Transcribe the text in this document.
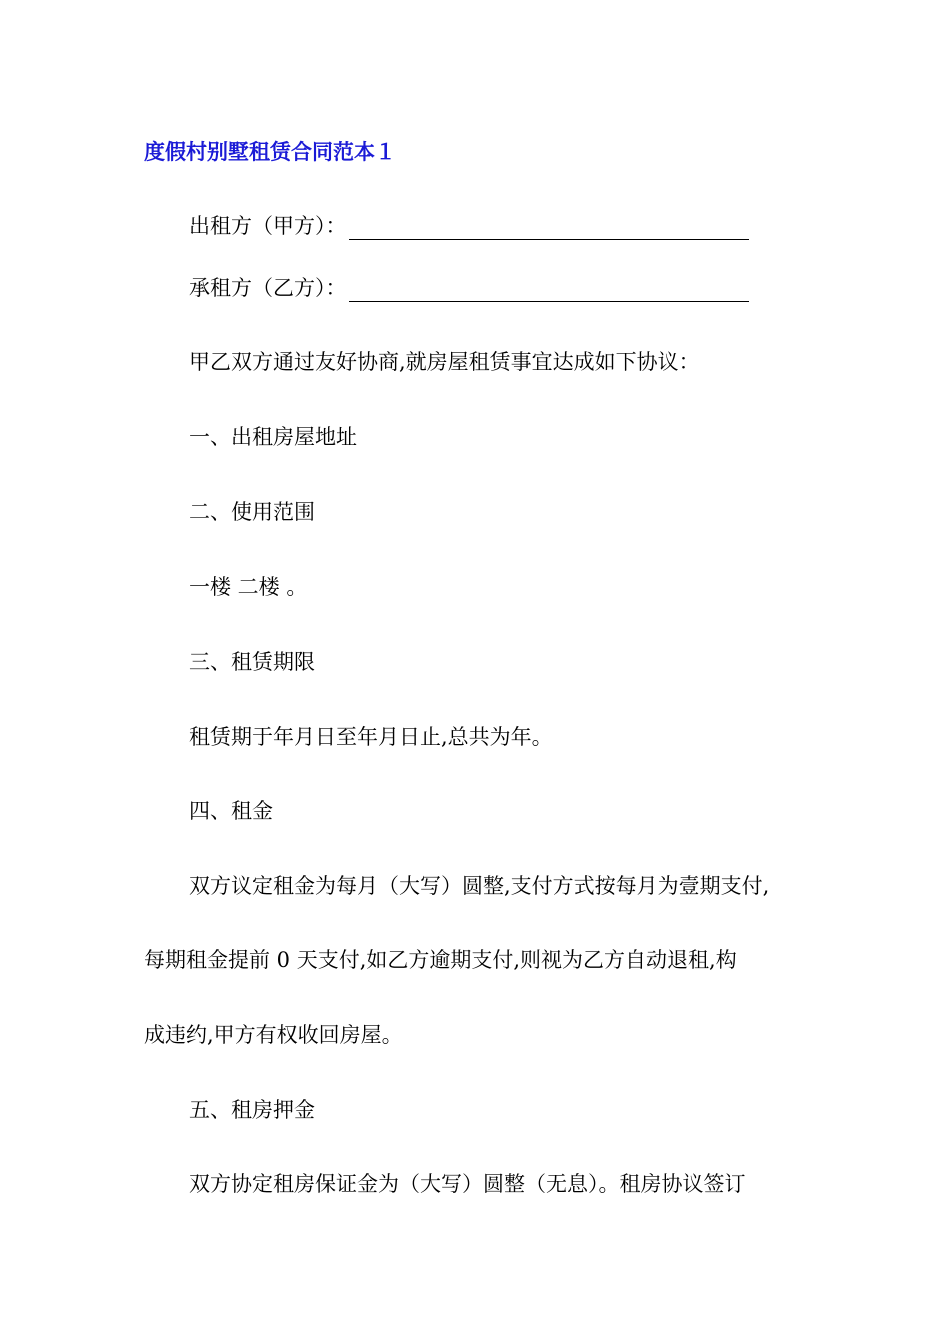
度假村别墅租赁合同范本１
出租方（甲方）：
承租方（乙方）：
甲乙双方通过友好协商,就房屋租赁事宜达成如下协议：
一、出租房屋地址
二、使用范围
一楼 二楼 。
三、租赁期限
租赁期于年月日至年月日止,总共为年。
四、租金
双方议定租金为每月（大写）圆整,支付方式按每月为壹期支付,
每期租金提前 0 天支付,如乙方逾期支付,则视为乙方自动退租,构
成违约,甲方有权收回房屋。
五、租房押金
双方协定租房保证金为（大写）圆整（无息）。租房协议签订
